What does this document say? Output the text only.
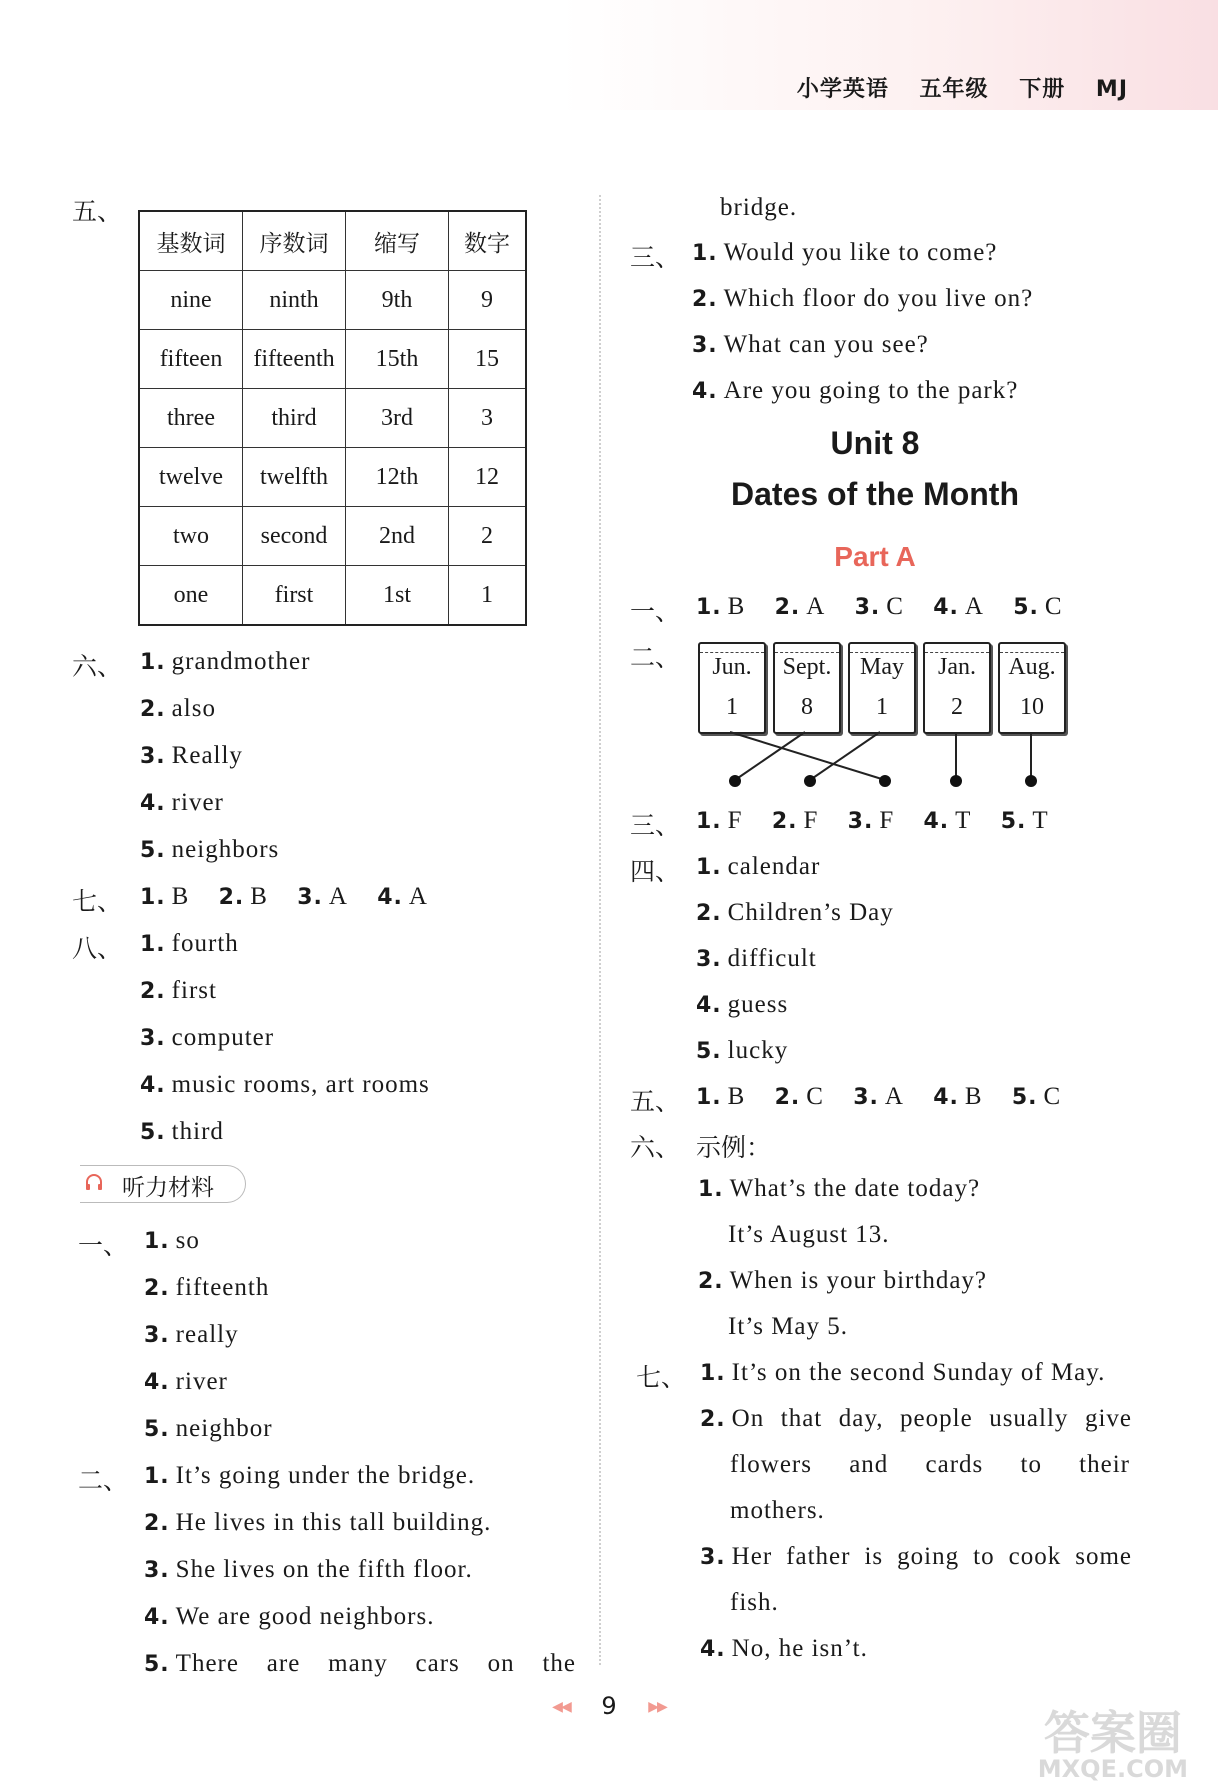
小学英语 五年级 下册 MJ
五、
基数词	序数词	缩写	数字
nine	ninth	9th	9
fifteen	fifteenth	15th	15
three	third	3rd	3
twelve	twelfth	12th	12
two	second	2nd	2
one	first	1st	1
六、 1. grandmother
2. also
3. Really
4. river
5. neighbors
七、 1. B 2. B 3. A 4. A
八、 1. fourth
2. first
3. computer
4. music rooms, art rooms
5. third
听力材料
一、 1. so
2. fifteenth
3. really
4. river
5. neighbor
二、 1. It’s going under the bridge.
2. He lives in this tall building.
3. She lives on the fifth floor.
4. We are good neighbors.
5. There are many cars on the
bridge.
三、 1. Would you like to come?
2. Which floor do you live on?
3. What can you see?
4. Are you going to the park?
Unit 8
Dates of the Month
Part A
一、 1. B 2. A 3. C 4. A 5. C
二、	Jun.
1
Sept.
8
May
1
Jan.
2
Aug.
10
三、 1. F 2. F 3. F 4. T 5. T
四、 1. calendar
2. Children’s Day
3. difficult
4. guess
5. lucky
五、 1. B 2. C 3. A 4. B 5. C
六、 示例：
1. What’s the date today?
It’s August 13.
2. When is your birthday?
It’s May 5.
七、 1. It’s on the second Sunday of May.
2. On that day, people usually give
flowers and cards to their
mothers.
3. Her father is going to cook some
fish.
4. No, he isn’t.
◀◀ 9 ▶▶	答案圈
MXQE.COM
